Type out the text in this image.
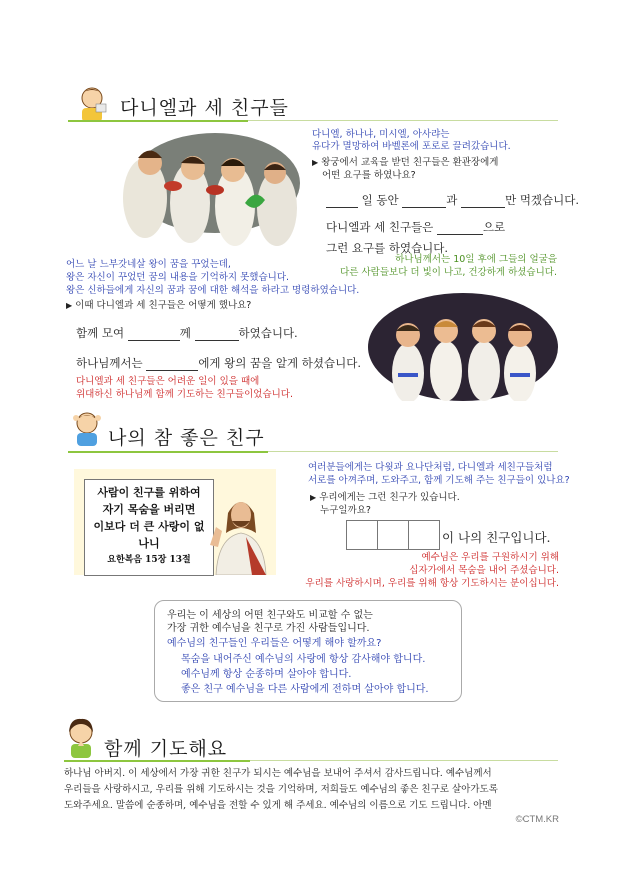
다니엘과 세 친구들
다니엘, 하나냐, 미시엘, 아사랴는
유다가 멸망하여 바벨론에 포로로 끌려갔습니다.
▶ 왕궁에서 교육을 받던 친구들은 환관장에게
어떤 요구를 하였나요?
일 동안	과	만 먹겠습니다.
다니엘과 세 친구들은	으로
그런 요구를 하였습니다.
하나님께서는 10일 후에 그들의 얼굴을
다른 사람들보다 더 빛이 나고, 건강하게 하셨습니다.
어느 날 느부갓네살 왕이 꿈을 꾸었는데,
왕은 자신이 꾸었던 꿈의 내용을 기억하지 못했습니다.
왕은 신하들에게 자신의 꿈과 꿈에 대한 해석을 하라고 명령하였습니다.
▶ 이때 다니엘과 세 친구들은 어떻게 했나요?
함께 모여	께	하였습니다.
하나님께서는	에게 왕의 꿈을 알게 하셨습니다.
다니엘과 세 친구들은 어려운 일이 있을 때에
위대하신 하나님께 함께 기도하는 친구들이었습니다.
나의 참 좋은 친구
사람이 친구를 위하여
자기 목숨을 버리면
이보다 더 큰 사랑이 없나니
요한복음 15장 13절
여러분들에게는 다윗과 요나단처럼, 다니엘과 세친구들처럼
서로를 아껴주며, 도와주고, 함께 기도해 주는 친구들이 있나요?
▶ 우리에게는 그런 친구가 있습니다.
누구일까요?
이 나의 친구입니다.
예수님은 우리를 구원하시기 위해
십자가에서 목숨을 내어 주셨습니다.
우리를 사랑하시며, 우리를 위해 항상 기도하시는 분이십니다.
우리는 이 세상의 어떤 친구와도 비교할 수 없는
가장 귀한 예수님을 친구로 가진 사람들입니다.
예수님의 친구들인 우리들은 어떻게 해야 할까요?
목숨을 내어주신 예수님의 사랑에 항상 감사해야 합니다.
예수님께 항상 순종하며 살아야 합니다.
좋은 친구 예수님을 다른 사람에게 전하며 살아야 합니다.
함께 기도해요
하나님 아버지. 이 세상에서 가장 귀한 친구가 되시는 예수님을 보내어 주셔서 감사드립니다. 예수님께서
우리들을 사랑하시고, 우리를 위해 기도하시는 것을 기억하며, 저희들도 예수님의 좋은 친구로 살아가도록
도와주세요. 말씀에 순종하며, 예수님을 전할 수 있게 해 주세요. 예수님의 이름으로 기도 드립니다. 아멘
©CTM.KR
